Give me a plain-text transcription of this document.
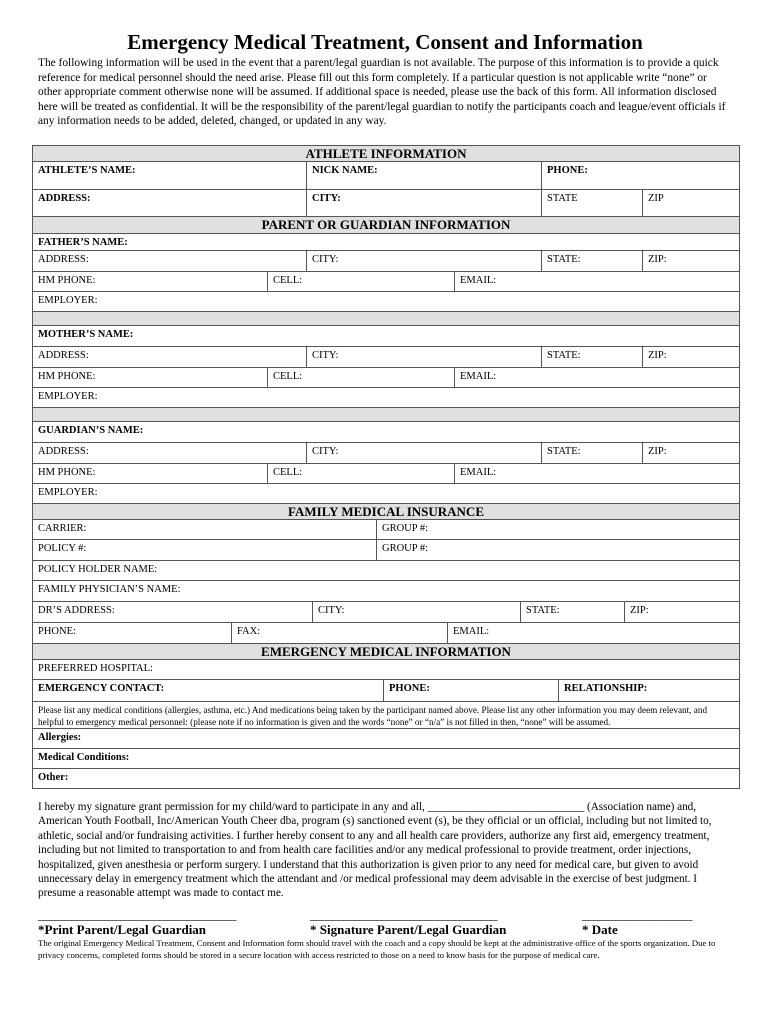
Emergency Medical Treatment, Consent and Information
The following information will be used in the event that a parent/legal guardian is not available. The purpose of this information is to provide a quick reference for medical personnel should the need arise. Please fill out this form completely. If a particular question is not applicable write “none” or other appropriate comment otherwise none will be assumed. If additional space is needed, please use the back of this form. All information disclosed here will be treated as confidential. It will be the responsibility of the parent/legal guardian to notify the participants coach and league/event officials if any information needs to be added, deleted, changed, or updated in any way.
ATHLETE INFORMATION
ATHLETE’S NAME:	NICK NAME:	PHONE:
ADDRESS:	CITY:	STATE	ZIP
PARENT OR GUARDIAN INFORMATION
FATHER’S NAME:
ADDRESS:	CITY:	STATE:	ZIP:
HM PHONE:	CELL:	EMAIL:
EMPLOYER:
MOTHER’S NAME:
ADDRESS:	CITY:	STATE:	ZIP:
HM PHONE:	CELL:	EMAIL:
EMPLOYER:
GUARDIAN’S NAME:
ADDRESS:	CITY:	STATE:	ZIP:
HM PHONE:	CELL:	EMAIL:
EMPLOYER:
FAMILY MEDICAL INSURANCE
CARRIER:	GROUP #:
POLICY #:	GROUP #:
POLICY HOLDER NAME:
FAMILY PHYSICIAN’S NAME:
DR’S ADDRESS:	CITY:	STATE:	ZIP:
PHONE:	FAX:	EMAIL:
EMERGENCY MEDICAL INFORMATION
PREFERRED HOSPITAL:
EMERGENCY CONTACT:	PHONE:	RELATIONSHIP:
Please list any medical conditions (allergies, asthma, etc.) And medications being taken by the participant named above. Please list any other information you may deem relevant, and helpful to emergency medical personnel: (please note if no information is given and the words “none” or “n/a” is not filled in then, “none” will be assumed.
Allergies:
Medical Conditions:
Other:
I hereby my signature grant permission for my child/ward to participate in any and all, ____________________________ (Association name) and, American Youth Football, Inc/American Youth Cheer dba, program (s) sanctioned event (s), be they official or un official, including but not limited to, athletic, social and/or fundraising activities. I further hereby consent to any and all health care providers, authorize any first aid, emergency treatment, including but not limited to transportation to and from health care facilities and/or any medical professional to provide treatment, order injections, hospitalized, given anesthesia or perform surgery. I understand that this authorization is given prior to any need for medical care, but given to avoid unnecessary delay in emergency treatment which the attendant and /or medical professional may deem advisable in the exercise of best judgment. I presume a reasonable attempt was made to contact me.
____________________________________	__________________________________	____________________
*Print Parent/Legal Guardian	* Signature Parent/Legal Guardian	* Date
The original Emergency Medical Treatment, Consent and Information form should travel with the coach and a copy should be kept at the administrative office of the sports organization. Due to privacy concerns, completed forms should be stored in a secure location with access restricted to those on a need to know basis for the purpose of medical care.
